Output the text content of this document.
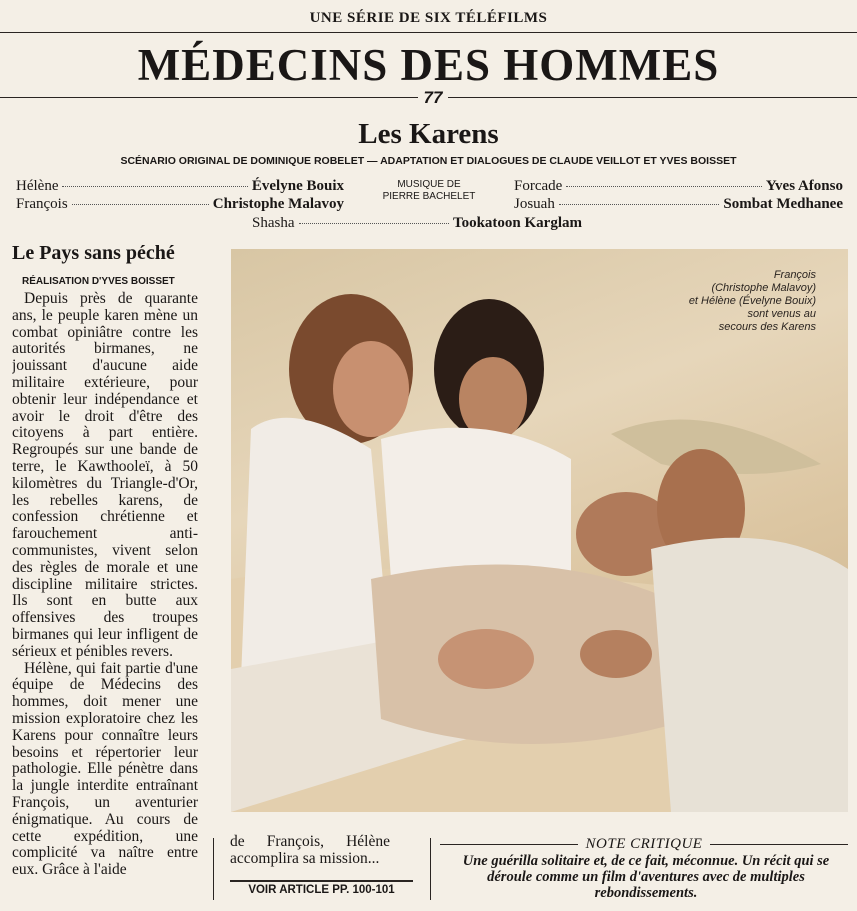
UNE SÉRIE DE SIX TÉLÉFILMS
MÉDECINS DES HOMMES
77
Les Karens
SCÉNARIO ORIGINAL DE DOMINIQUE ROBELET — ADAPTATION ET DIALOGUES DE CLAUDE VEILLOT ET YVES BOISSET
Hélène	Évelyne Bouix
François	Christophe Malavoy
Shasha	Tookatoon Karglam
Forcade	Yves Afonso
Josuah	Sombat Medhanee
MUSIQUE DE
PIERRE BACHELET
Le Pays sans péché
RÉALISATION D'YVES BOISSET

Depuis près de quarante ans, le peuple karen mène un combat opiniâtre contre les autorités birmanes, ne jouissant d'aucune aide militaire extérieure, pour obtenir leur indépendance et avoir le droit d'être des citoyens à part entière. Regroupés sur une bande de terre, le Kawthooleï, à 50 kilomètres du Triangle-d'Or, les rebelles karens, de confession chrétienne et farouchement anti-communistes, vivent selon des règles de morale et une discipline militaire strictes. Ils sont en butte aux offensives des troupes birmanes qui leur infligent de sérieux et pénibles revers.

Hélène, qui fait partie d'une équipe de Médecins des hommes, doit mener une mission exploratoire chez les Karens pour connaître leurs besoins et répertorier leur pathologie. Elle pénètre dans la jungle interdite entraînant François, un aventurier énigmatique. Au cours de cette expédition, une complicité va naître entre eux. Grâce à l'aide

François
(Christophe Malavoy)
et Hélène (Évelyne Bouix)
sont venus au
secours des Karens
de François, Hélène accomplira sa mission...
VOIR ARTICLE PP. 100-101
NOTE CRITIQUE
Une guérilla solitaire et, de ce fait, méconnue. Un récit qui se déroule comme un film d'aventures avec de multiples rebondissements.
